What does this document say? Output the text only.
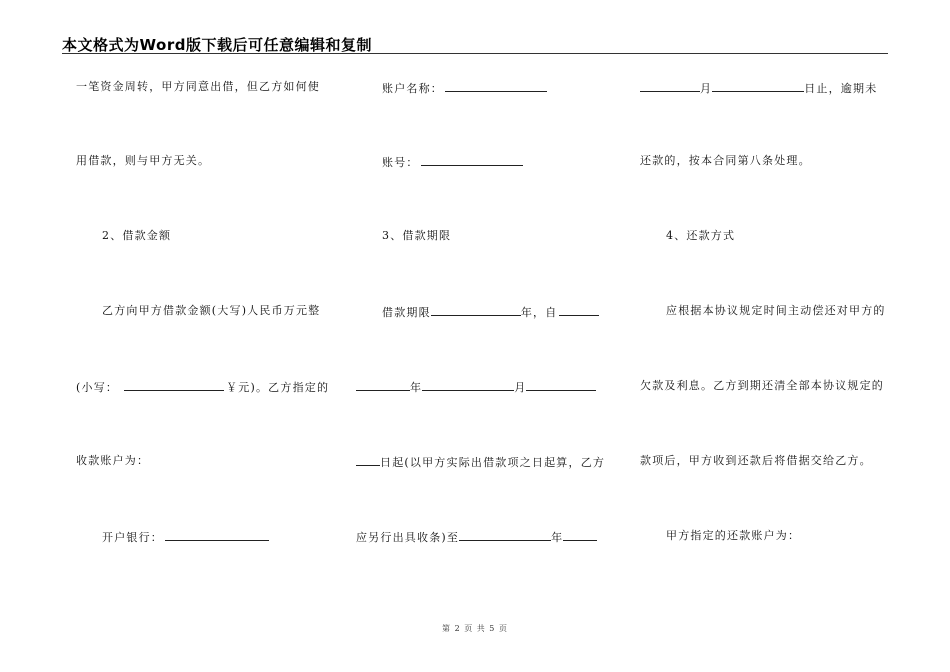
本文格式为Word版下载后可任意编辑和复制
一笔资金周转，甲方同意出借，但乙方如何使
用借款，则与甲方无关。
2、借款金额
乙方向甲方借款金额(大写)人民币万元整
(小写：	￥元)。乙方指定的
收款账户为：
开户银行：
账户名称：
账号：
3、借款期限
借款期限	年，自
年	月
日起(以甲方实际出借款项之日起算，乙方
应另行出具收条)至	年
月	日止，逾期未
还款的，按本合同第八条处理。
4、还款方式
应根据本协议规定时间主动偿还对甲方的
欠款及利息。乙方到期还清全部本协议规定的
款项后，甲方收到还款后将借据交给乙方。
甲方指定的还款账户为：
第 2 页 共 5 页
